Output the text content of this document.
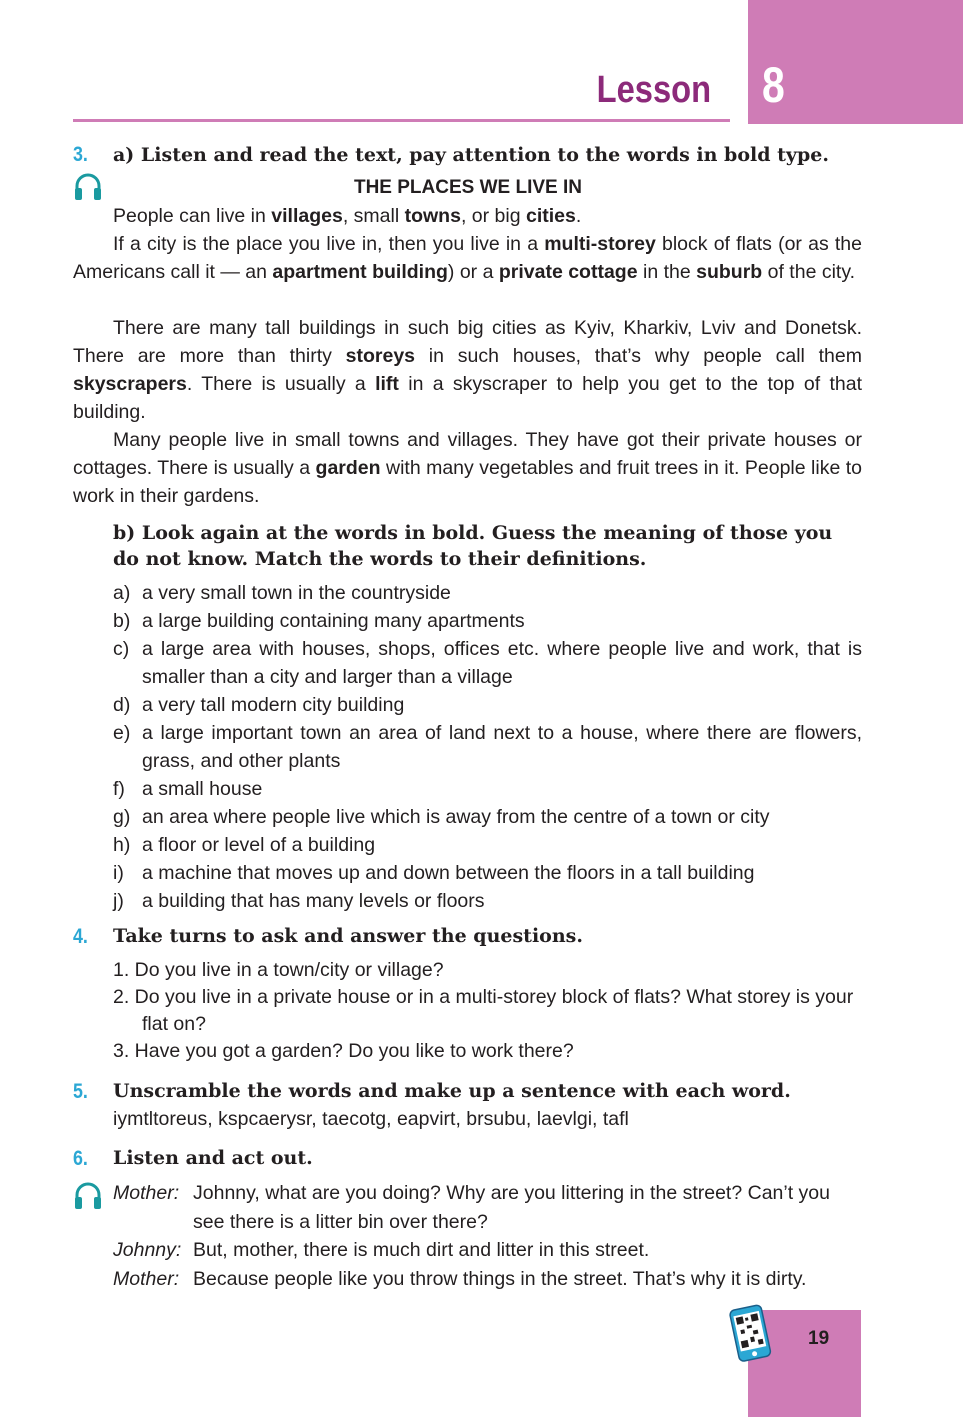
8
Lesson
3. a) Listen and read the text, pay attention to the words in bold type.
THE PLACES WE LIVE IN

People can live in villages, small towns, or big cities.

If a city is the place you live in, then you live in a multi-storey block of flats (or as the Americans call it — an apartment building) or a private cottage in the suburb of the city.

There are many tall buildings in such big cities as Kyiv, Kharkiv, Lviv and Donetsk. There are more than thirty storeys in such houses, that’s why people call them skyscrapers. There is usually a lift in a skyscraper to help you get to the top of that building.

Many people live in small towns and villages. They have got their private houses or cottages. There is usually a garden with many vegetables and fruit trees in it. People like to work in their gardens.

b) Look again at the words in bold. Guess the meaning of those you do not know. Match the words to their definitions.
a) a very small town in the countryside
b) a large building containing many apartments
c) a large area with houses, shops, offices etc. where people live and work, that is smaller than a city and larger than a village
d) a very tall modern city building
e) a large important town an area of land next to a house, where there are flowers, grass, and other plants
f) a small house
g) an area where people live which is away from the centre of a town or city
h) a floor or level of a building
i) a machine that moves up and down between the floors in a tall building
j) a building that has many levels or floors
4. Take turns to ask and answer the questions.
1. Do you live in a town/city or village?
2. Do you live in a private house or in a multi-storey block of flats? What storey is your flat on?
3. Have you got a garden? Do you like to work there?
5. Unscramble the words and make up a sentence with each word.
iymtltoreus, kspcaerysr, taecotg, eapvirt, brsubu, laevlgi, tafl
6. Listen and act out.
Mother: Johnny, what are you doing? Why are you littering in the street? Can’t you see there is a litter bin over there?
Johnny: But, mother, there is much dirt and litter in this street.
Mother: Because people like you throw things in the street. That’s why it is dirty.
19
